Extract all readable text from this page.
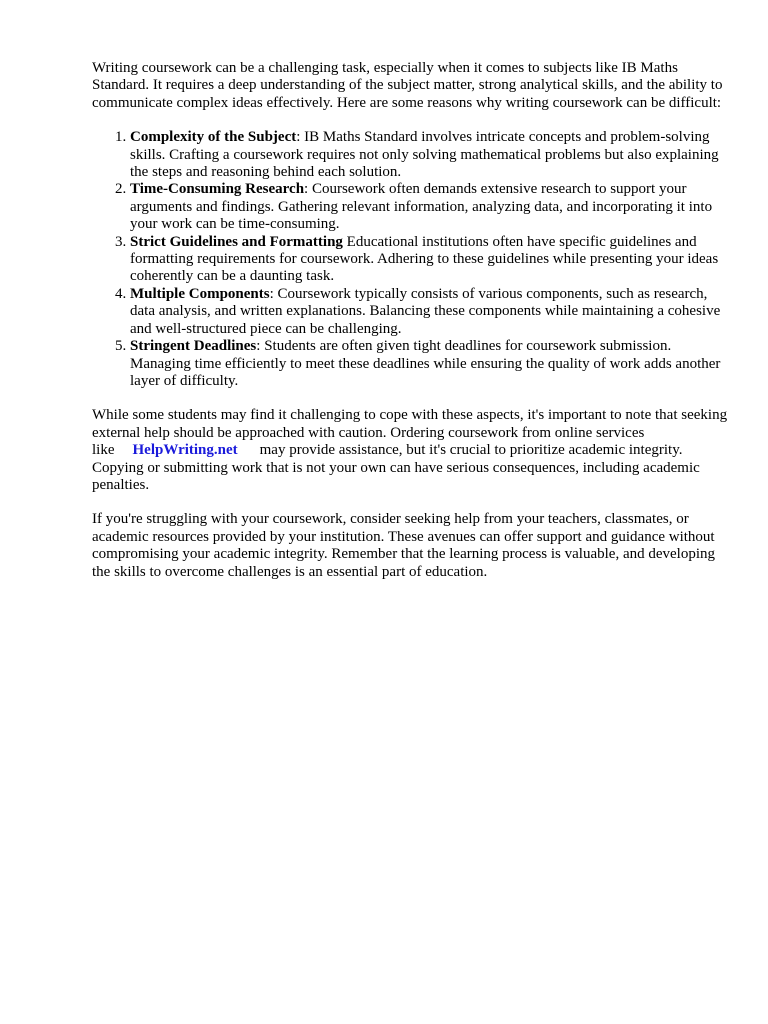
Writing coursework can be a challenging task, especially when it comes to subjects like IB Maths Standard. It requires a deep understanding of the subject matter, strong analytical skills, and the ability to communicate complex ideas effectively. Here are some reasons why writing coursework can be difficult:

1. Complexity of the Subject: IB Maths Standard involves intricate concepts and problem-solving skills. Crafting a coursework requires not only solving mathematical problems but also explaining the steps and reasoning behind each solution.
2. Time-Consuming Research: Coursework often demands extensive research to support your arguments and findings. Gathering relevant information, analyzing data, and incorporating it into your work can be time-consuming.
3. Strict Guidelines and Formatting Educational institutions often have specific guidelines and formatting requirements for coursework. Adhering to these guidelines while presenting your ideas coherently can be a daunting task.
4. Multiple Components: Coursework typically consists of various components, such as research, data analysis, and written explanations. Balancing these components while maintaining a cohesive and well-structured piece can be challenging.
5. Stringent Deadlines: Students are often given tight deadlines for coursework submission. Managing time efficiently to meet these deadlines while ensuring the quality of work adds another layer of difficulty.

While some students may find it challenging to cope with these aspects, it's important to note that seeking external help should be approached with caution. Ordering coursework from online services like HelpWriting.net may provide assistance, but it's crucial to prioritize academic integrity. Copying or submitting work that is not your own can have serious consequences, including academic penalties.

If you're struggling with your coursework, consider seeking help from your teachers, classmates, or academic resources provided by your institution. These avenues can offer support and guidance without compromising your academic integrity. Remember that the learning process is valuable, and developing the skills to overcome challenges is an essential part of education.
